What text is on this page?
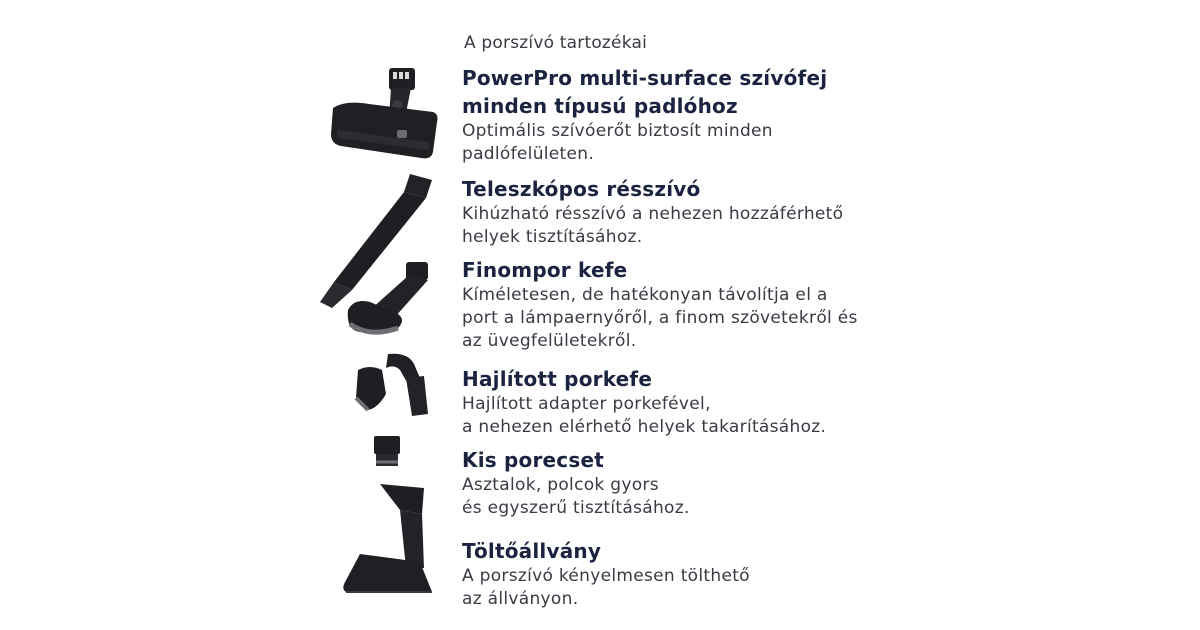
A porszívó tartozékai
PowerPro multi-surface szívófej
minden típusú padlóhoz
Optimális szívóerőt biztosít minden
padlófelületen.
Teleszkópos résszívó
Kihúzható résszívó a nehezen hozzáférhető
helyek tisztításához.
Finompor kefe
Kíméletesen, de hatékonyan távolítja el a
port a lámpaernyőről, a finom szövetekről és
az üvegfelületekről.
Hajlított porkefe
Hajlított adapter porkefével,
a nehezen elérhető helyek takarításához.
Kis porecset
Asztalok, polcok gyors
és egyszerű tisztításához.
Töltőállvány
A porszívó kényelmesen tölthető
az állványon.
